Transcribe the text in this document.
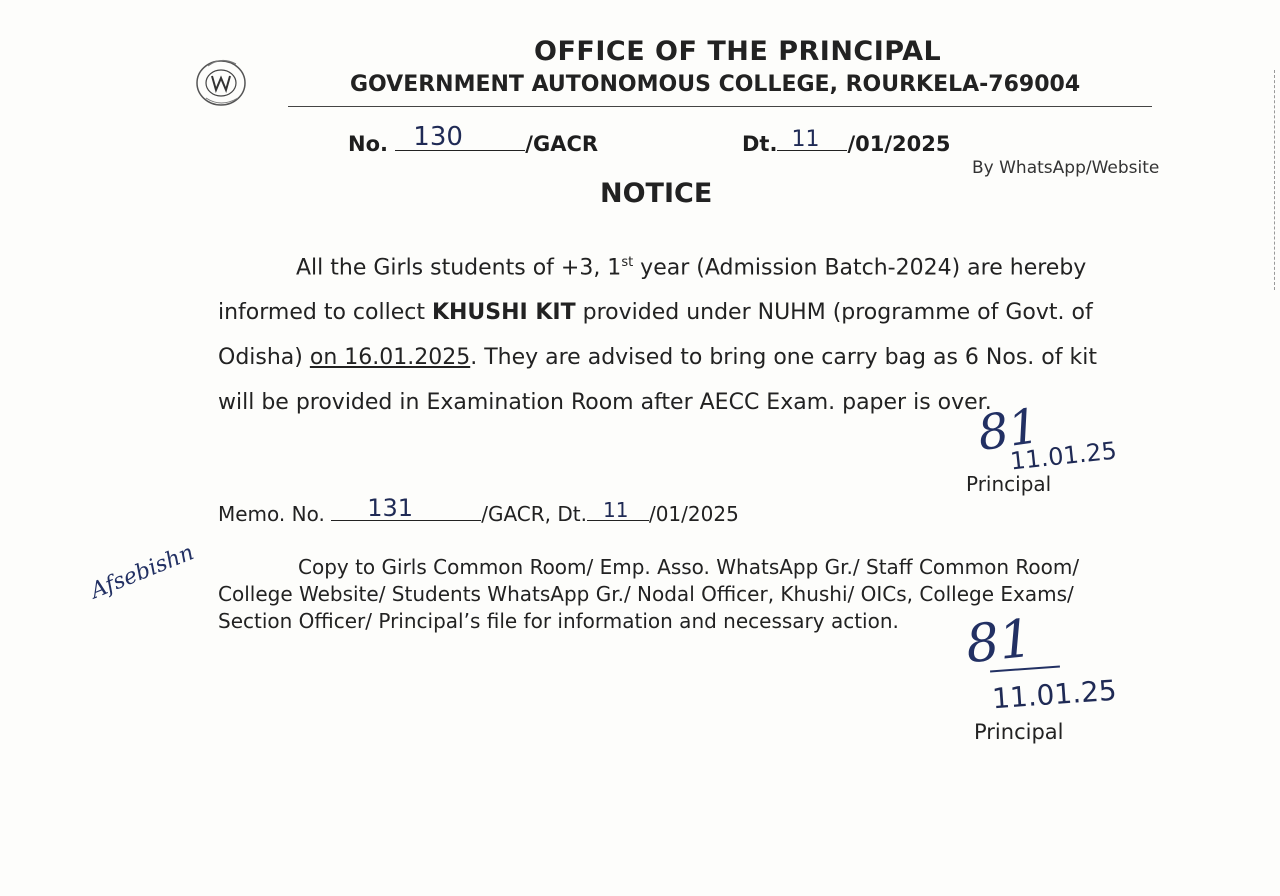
OFFICE OF THE PRINCIPAL
GOVERNMENT AUTONOMOUS COLLEGE, ROURKELA-769004
No. 130	/GACR	Dt. 11	/01/2025
By WhatsApp/Website
NOTICE

All the Girls students of +3, 1st year (Admission Batch-2024) are hereby

informed to collect KHUSHI KIT provided under NUHM (programme of Govt. of

Odisha) on 16.01.2025. They are advised to bring one carry bag as 6 Nos. of kit

will be provided in Examination Room after AECC Exam. paper is over.

81
11.01.25
Principal
Memo. No.	131	/GACR, Dt. 11	/01/2025
Copy to Girls Common Room/ Emp. Asso. WhatsApp Gr./ Staff Common Room/
College Website/ Students WhatsApp Gr./ Nodal Officer, Khushi/ OICs, College Exams/
Section Officer/ Principal’s file for information and necessary action.
Afsebishn
81
11.01.25
Principal
